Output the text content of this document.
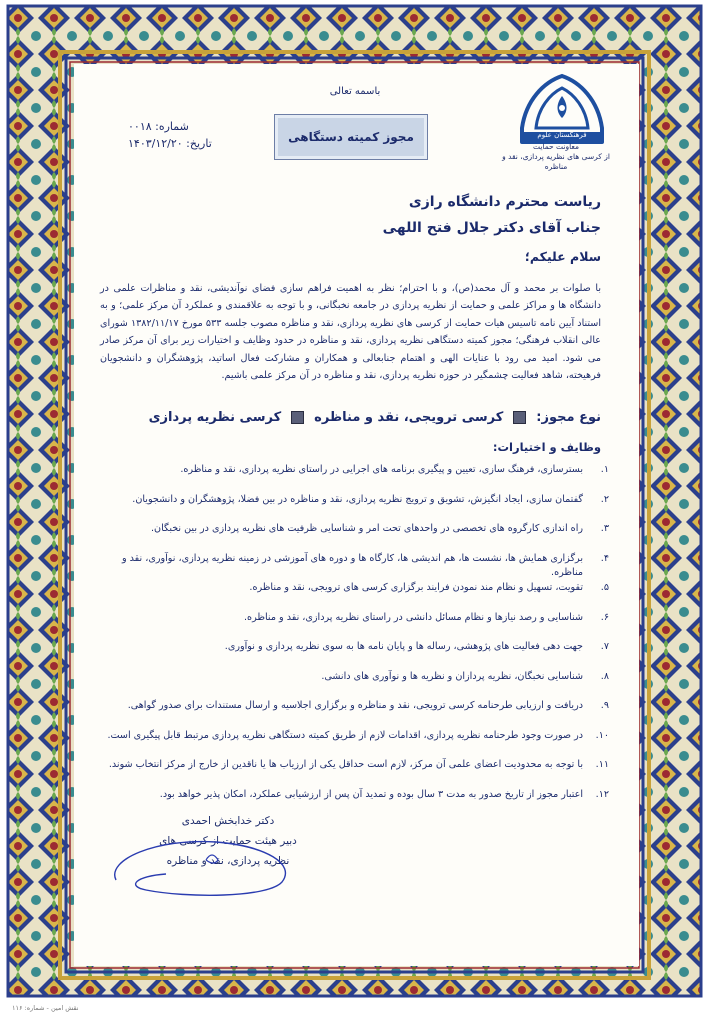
باسمه تعالی
شماره: ۰۰۱۸
تاریخ: ۱۴۰۳/۱۲/۲۰	مجوز کمیته دستگاهی	فرهنگستان علوم
معاونت حمایت
از کرسی های نظریه پردازی، نقد و مناظره
ریاست محترم دانشگاه رازی
جناب آقای دکتر جلال فتح اللهی
سلام علیکم؛
با صلوات بر محمد و آل محمد(ص)، و با احترام؛ نظر به اهمیت فراهم سازی فضای نوآندیشی، نقد و مناظرات علمی در دانشگاه ها و مراکز علمی و حمایت از نظریه پردازی در جامعه نخبگانی، و با توجه به علاقمندی و عملکرد آن مرکز علمی؛ و به استناد آیین نامه تاسیس هیات حمایت از کرسی های نظریه پردازی، نقد و مناظره مصوب جلسه ۵۳۳ مورخ ۱۳۸۲/۱۱/۱۷ شورای عالی انقلاب فرهنگی؛ مجوز کمیته دستگاهی نظریه پردازی، نقد و مناظره در حدود وظایف و اختیارات زیر برای آن مرکز صادر می شود. امید می رود با عنایات الهی و اهتمام جنابعالی و همکاران و مشارکت فعال اساتید، پژوهشگران و دانشجویان فرهیخته، شاهد فعالیت چشمگیر در حوزه نظریه پردازی، نقد و مناظره در آن مرکز علمی باشیم.
نوع مجوز:
کرسی ترویجی، نقد و مناظره
کرسی نظریه پردازی
وظایف و اختیارات:
۱.
بسترسازی، فرهنگ سازی، تعیین و پیگیری برنامه های اجرایی در راستای نظریه پردازی، نقد و مناظره.
۲.
گفتمان سازی، ایجاد انگیزش، تشویق و ترویج نظریه پردازی، نقد و مناظره در بین فضلا، پژوهشگران و دانشجویان.
۳.
راه اندازی کارگروه های تخصصی در واحدهای تحت امر و شناسایی ظرفیت های نظریه پردازی در بین نخبگان.
۴.
برگزاری همایش ها، نشست ها، هم اندیشی ها، کارگاه ها و دوره های آموزشی در زمینه نظریه پردازی، نوآوری، نقد و مناظره.
۵.
تقویت، تسهیل و نظام مند نمودن فرایند برگزاری کرسی های ترویجی، نقد و مناظره.
۶.
شناسایی و رصد نیازها و نظام مسائل دانشی در راستای نظریه پردازی، نقد و مناظره.
۷.
جهت دهی فعالیت های پژوهشی، رساله ها و پایان نامه ها به سوی نظریه پردازی و نوآوری.
۸.
شناسایی نخبگان، نظریه پردازان و نظریه ها و نوآوری های دانشی.
۹.
دریافت و ارزیابی طرحنامه کرسی ترویجی، نقد و مناظره و برگزاری اجلاسیه و ارسال مستندات برای صدور گواهی.
۱۰.
در صورت وجود طرحنامه نظریه پردازی، اقدامات لازم از طریق کمیته دستگاهی نظریه پردازی مرتبط قابل پیگیری است.
۱۱.
با توجه به محدودیت اعضای علمی آن مرکز، لازم است حداقل یکی از ارزیاب ها یا ناقدین از خارج از مرکز انتخاب شوند.
۱۲.
اعتبار مجوز از تاریخ صدور به مدت ۳ سال بوده و تمدید آن پس از ارزشیابی عملکرد، امکان پذیر خواهد بود.
دکتر خدابخش احمدی
دبیر هیئت حمایت از کرسی های
نظریه پردازی، نقد و مناظره
نقش امین - شماره: ۱۱۶
